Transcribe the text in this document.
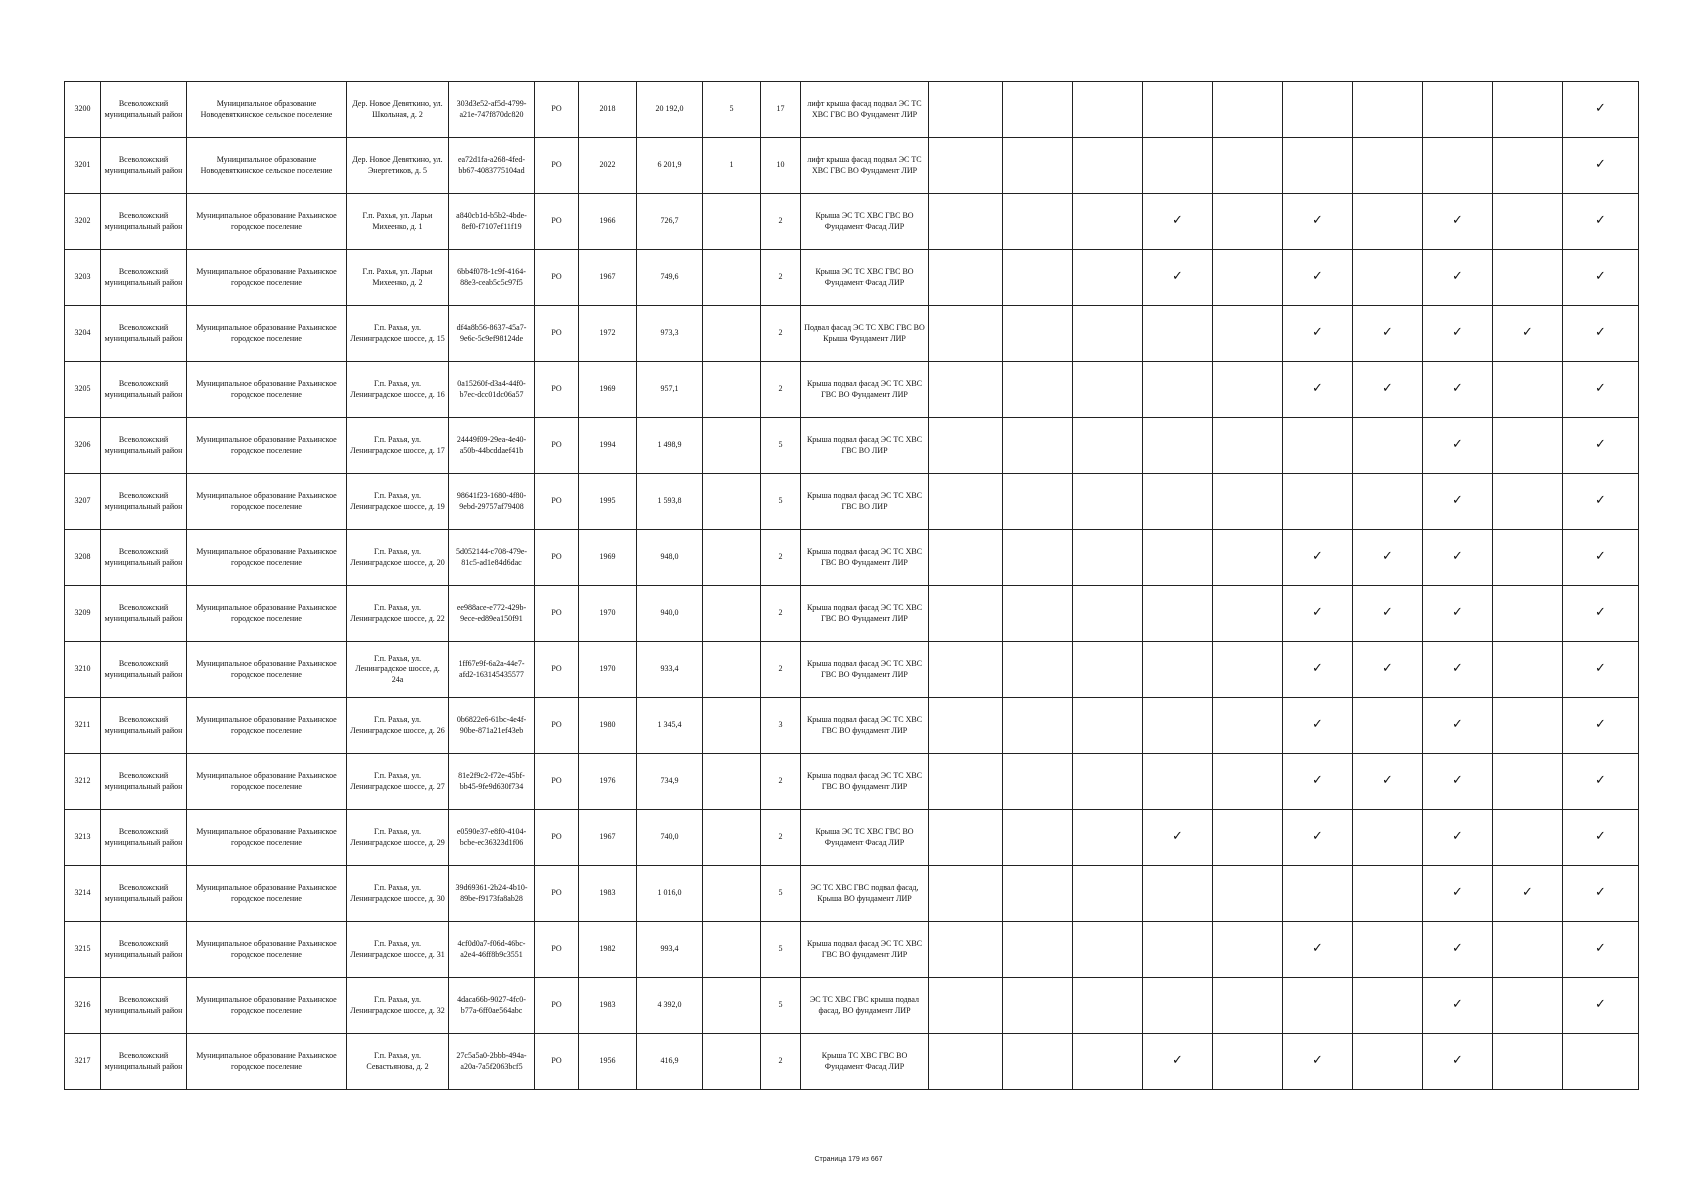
3200	Всеволожский муниципальный район	Муниципальное образование Новодевяткинское сельское поселение	Дер. Новое Девяткино, ул. Школьная, д. 2	303d3e52-af5d-4799-a21e-747f870dc820	РО	2018	20 192,0	5	17	лифт крыша фасад подвал ЭС ТС ХВС ГВС ВО Фундамент ЛИР										✓
3201	Всеволожский муниципальный район	Муниципальное образование Новодевяткинское сельское поселение	Дер. Новое Девяткино, ул. Энергетиков, д. 5	ea72d1fa-a268-4fed-bb67-4083775104ad	РО	2022	6 201,9	1	10	лифт крыша фасад подвал ЭС ТС ХВС ГВС ВО Фундамент ЛИР										✓
3202	Всеволожский муниципальный район	Муниципальное образование Рахьинское городское поселение	Г.п. Рахья, ул. Ларьи Михеенко, д. 1	a840cb1d-b5b2-4bde-8ef0-f7107ef11f19	РО	1966	726,7		2	Крыша ЭС ТС ХВС ГВС ВО Фундамент Фасад ЛИР				✓		✓		✓		✓
3203	Всеволожский муниципальный район	Муниципальное образование Рахьинское городское поселение	Г.п. Рахья, ул. Ларьи Михеенко, д. 2	6bb4f078-1c9f-4164-88e3-ceab5c5c97f5	РО	1967	749,6		2	Крыша ЭС ТС ХВС ГВС ВО Фундамент Фасад ЛИР				✓		✓		✓		✓
3204	Всеволожский муниципальный район	Муниципальное образование Рахьинское городское поселение	Г.п. Рахья, ул. Ленинградское шоссе, д. 15	df4a8b56-8637-45a7-9e6c-5c9ef98124de	РО	1972	973,3		2	Подвал фасад ЭС ТС ХВС ГВС ВО Крыша Фундамент ЛИР						✓	✓	✓	✓	✓
3205	Всеволожский муниципальный район	Муниципальное образование Рахьинское городское поселение	Г.п. Рахья, ул. Ленинградское шоссе, д. 16	0a15260f-d3a4-44f0-b7ec-dcc01dc06a57	РО	1969	957,1		2	Крыша подвал фасад ЭС ТС ХВС ГВС ВО Фундамент ЛИР						✓	✓	✓		✓
3206	Всеволожский муниципальный район	Муниципальное образование Рахьинское городское поселение	Г.п. Рахья, ул. Ленинградское шоссе, д. 17	24449f09-29ea-4e40-a50b-44bcddaef41b	РО	1994	1 498,9		5	Крыша подвал фасад ЭС ТС ХВС ГВС ВО ЛИР								✓		✓
3207	Всеволожский муниципальный район	Муниципальное образование Рахьинское городское поселение	Г.п. Рахья, ул. Ленинградское шоссе, д. 19	98641f23-1680-4f80-9ebd-29757af79408	РО	1995	1 593,8		5	Крыша подвал фасад ЭС ТС ХВС ГВС ВО ЛИР								✓		✓
3208	Всеволожский муниципальный район	Муниципальное образование Рахьинское городское поселение	Г.п. Рахья, ул. Ленинградское шоссе, д. 20	5d052144-c708-479e-81c5-ad1e84d6dac	РО	1969	948,0		2	Крыша подвал фасад ЭС ТС ХВС ГВС ВО Фундамент ЛИР						✓	✓	✓		✓
3209	Всеволожский муниципальный район	Муниципальное образование Рахьинское городское поселение	Г.п. Рахья, ул. Ленинградское шоссе, д. 22	ee988ace-e772-429b-9ece-ed89ea150f91	РО	1970	940,0		2	Крыша подвал фасад ЭС ТС ХВС ГВС ВО Фундамент ЛИР						✓	✓	✓		✓
3210	Всеволожский муниципальный район	Муниципальное образование Рахьинское городское поселение	Г.п. Рахья, ул. Ленинградское шоссе, д. 24а	1ff67e9f-6a2a-44e7-afd2-163145435577	РО	1970	933,4		2	Крыша подвал фасад ЭС ТС ХВС ГВС ВО Фундамент ЛИР						✓	✓	✓		✓
3211	Всеволожский муниципальный район	Муниципальное образование Рахьинское городское поселение	Г.п. Рахья, ул. Ленинградское шоссе, д. 26	0b6822e6-61bc-4e4f-90be-871a21ef43eb	РО	1980	1 345,4		3	Крыша подвал фасад ЭС ТС ХВС ГВС ВО фундамент ЛИР						✓		✓		✓
3212	Всеволожский муниципальный район	Муниципальное образование Рахьинское городское поселение	Г.п. Рахья, ул. Ленинградское шоссе, д. 27	81e2f9c2-f72e-45bf-bb45-9fe9d630f734	РО	1976	734,9		2	Крыша подвал фасад ЭС ТС ХВС ГВС ВО фундамент ЛИР						✓	✓	✓		✓
3213	Всеволожский муниципальный район	Муниципальное образование Рахьинское городское поселение	Г.п. Рахья, ул. Ленинградское шоссе, д. 29	e0590e37-e8f0-4104-bcbe-ec36323d1f06	РО	1967	740,0		2	Крыша ЭС ТС ХВС ГВС ВО Фундамент Фасад ЛИР				✓		✓		✓		✓
3214	Всеволожский муниципальный район	Муниципальное образование Рахьинское городское поселение	Г.п. Рахья, ул. Ленинградское шоссе, д. 30	39d69361-2b24-4b10-89be-f9173fa8ab28	РО	1983	1 016,0		5	ЭС ТС ХВС ГВС подвал фасад, Крыша ВО фундамент ЛИР								✓	✓	✓
3215	Всеволожский муниципальный район	Муниципальное образование Рахьинское городское поселение	Г.п. Рахья, ул. Ленинградское шоссе, д. 31	4cf0d0a7-f06d-46bc-a2e4-46ff8b9c3551	РО	1982	993,4		5	Крыша подвал фасад ЭС ТС ХВС ГВС ВО фундамент ЛИР						✓		✓		✓
3216	Всеволожский муниципальный район	Муниципальное образование Рахьинское городское поселение	Г.п. Рахья, ул. Ленинградское шоссе, д. 32	4daca66b-9027-4fc0-b77a-6ff0ae564abc	РО	1983	4 392,0		5	ЭС ТС ХВС ГВС крыша подвал фасад, ВО фундамент ЛИР								✓		✓
3217	Всеволожский муниципальный район	Муниципальное образование Рахьинское городское поселение	Г.п. Рахья, ул. Севастьянова, д. 2	27c5a5a0-2bbb-494a-a20a-7a5f2063bcf5	РО	1956	416,9		2	Крыша ТС ХВС ГВС ВО Фундамент Фасад ЛИР				✓		✓		✓		
Страница 179 из 667
